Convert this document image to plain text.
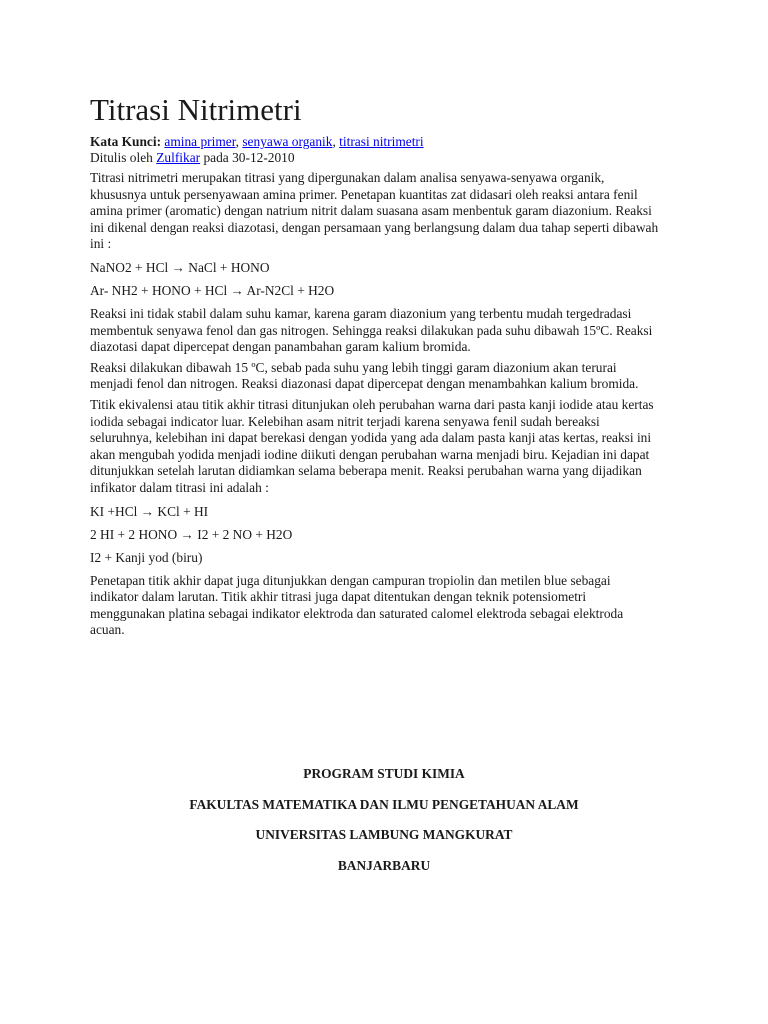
Titrasi Nitrimetri
Kata Kunci: amina primer, senyawa organik, titrasi nitrimetri
Ditulis oleh Zulfikar pada 30-12-2010

Titrasi nitrimetri merupakan titrasi yang dipergunakan dalam analisa senyawa-senyawa organik, khususnya untuk persenyawaan amina primer. Penetapan kuantitas zat didasari oleh reaksi antara fenil amina primer (aromatic) dengan natrium nitrit dalam suasana asam menbentuk garam diazonium. Reaksi ini dikenal dengan reaksi diazotasi, dengan persamaan yang berlangsung dalam dua tahap seperti dibawah ini :

NaNO2 + HCl → NaCl + HONO

Ar- NH2 + HONO + HCl → Ar-N2Cl + H2O

Reaksi ini tidak stabil dalam suhu kamar, karena garam diazonium yang terbentu mudah tergedradasi membentuk senyawa fenol dan gas nitrogen. Sehingga reaksi dilakukan pada suhu dibawah 15ºC. Reaksi diazotasi dapat dipercepat dengan panambahan garam kalium bromida.

Reaksi dilakukan dibawah 15 ºC, sebab pada suhu yang lebih tinggi garam diazonium akan terurai menjadi fenol dan nitrogen. Reaksi diazonasi dapat dipercepat dengan menambahkan kalium bromida.

Titik ekivalensi atau titik akhir titrasi ditunjukan oleh perubahan warna dari pasta kanji iodide atau kertas iodida sebagai indicator luar. Kelebihan asam nitrit terjadi karena senyawa fenil sudah bereaksi seluruhnya, kelebihan ini dapat berekasi dengan yodida yang ada dalam pasta kanji atas kertas, reaksi ini akan mengubah yodida menjadi iodine diikuti dengan perubahan warna menjadi biru. Kejadian ini dapat ditunjukkan setelah larutan didiamkan selama beberapa menit. Reaksi perubahan warna yang dijadikan infikator dalam titrasi ini adalah :

KI +HCl → KCl + HI

2 HI + 2 HONO → I2 + 2 NO + H2O

I2 + Kanji yod (biru)

Penetapan titik akhir dapat juga ditunjukkan dengan campuran tropiolin dan metilen blue sebagai indikator dalam larutan. Titik akhir titrasi juga dapat ditentukan dengan teknik potensiometri menggunakan platina sebagai indikator elektroda dan saturated calomel elektroda sebagai elektroda acuan.

PROGRAM STUDI KIMIA
FAKULTAS MATEMATIKA DAN ILMU PENGETAHUAN ALAM
UNIVERSITAS LAMBUNG MANGKURAT
BANJARBARU
